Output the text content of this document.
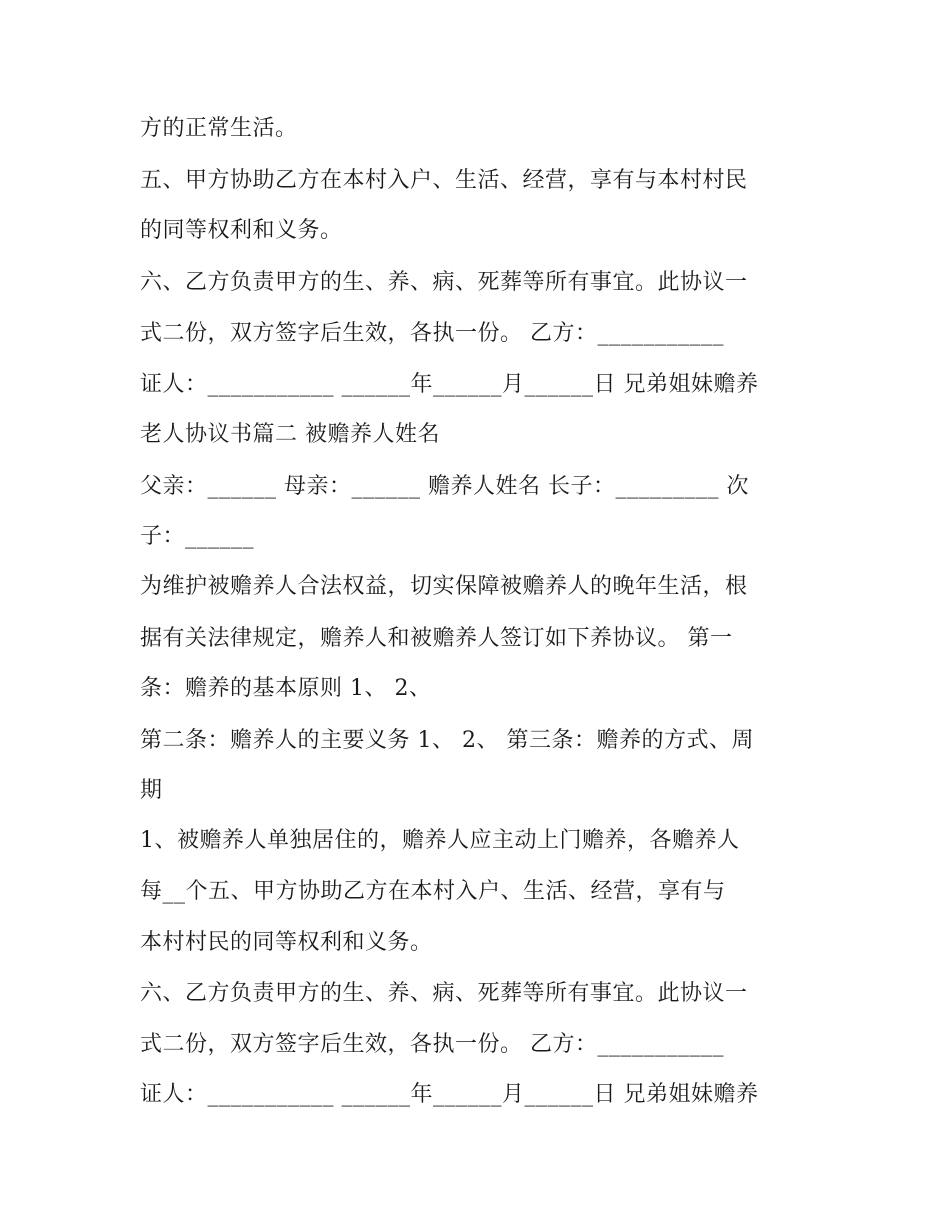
方的正常生活。
五、甲方协助乙方在本村入户、生活、经营，享有与本村村民
的同等权利和义务。
六、乙方负责甲方的生、养、病、死葬等所有事宜。此协议一
式二份，双方签字后生效，各执一份。 乙方：___________
证人：___________ ______年______月______日 兄弟姐妹赡养
老人协议书篇二 被赡养人姓名
父亲：______ 母亲：______ 赡养人姓名 长子：_________ 次
子：______
为维护被赡养人合法权益，切实保障被赡养人的晚年生活，根
据有关法律规定，赡养人和被赡养人签订如下养协议。 第一
条：赡养的基本原则 1、 2、
第二条：赡养人的主要义务 1、 2、 第三条：赡养的方式、周
期
1、被赡养人单独居住的，赡养人应主动上门赡养，各赡养人
每__个五、甲方协助乙方在本村入户、生活、经营，享有与
本村村民的同等权利和义务。
六、乙方负责甲方的生、养、病、死葬等所有事宜。此协议一
式二份，双方签字后生效，各执一份。 乙方：___________
证人：___________ ______年______月______日 兄弟姐妹赡养
